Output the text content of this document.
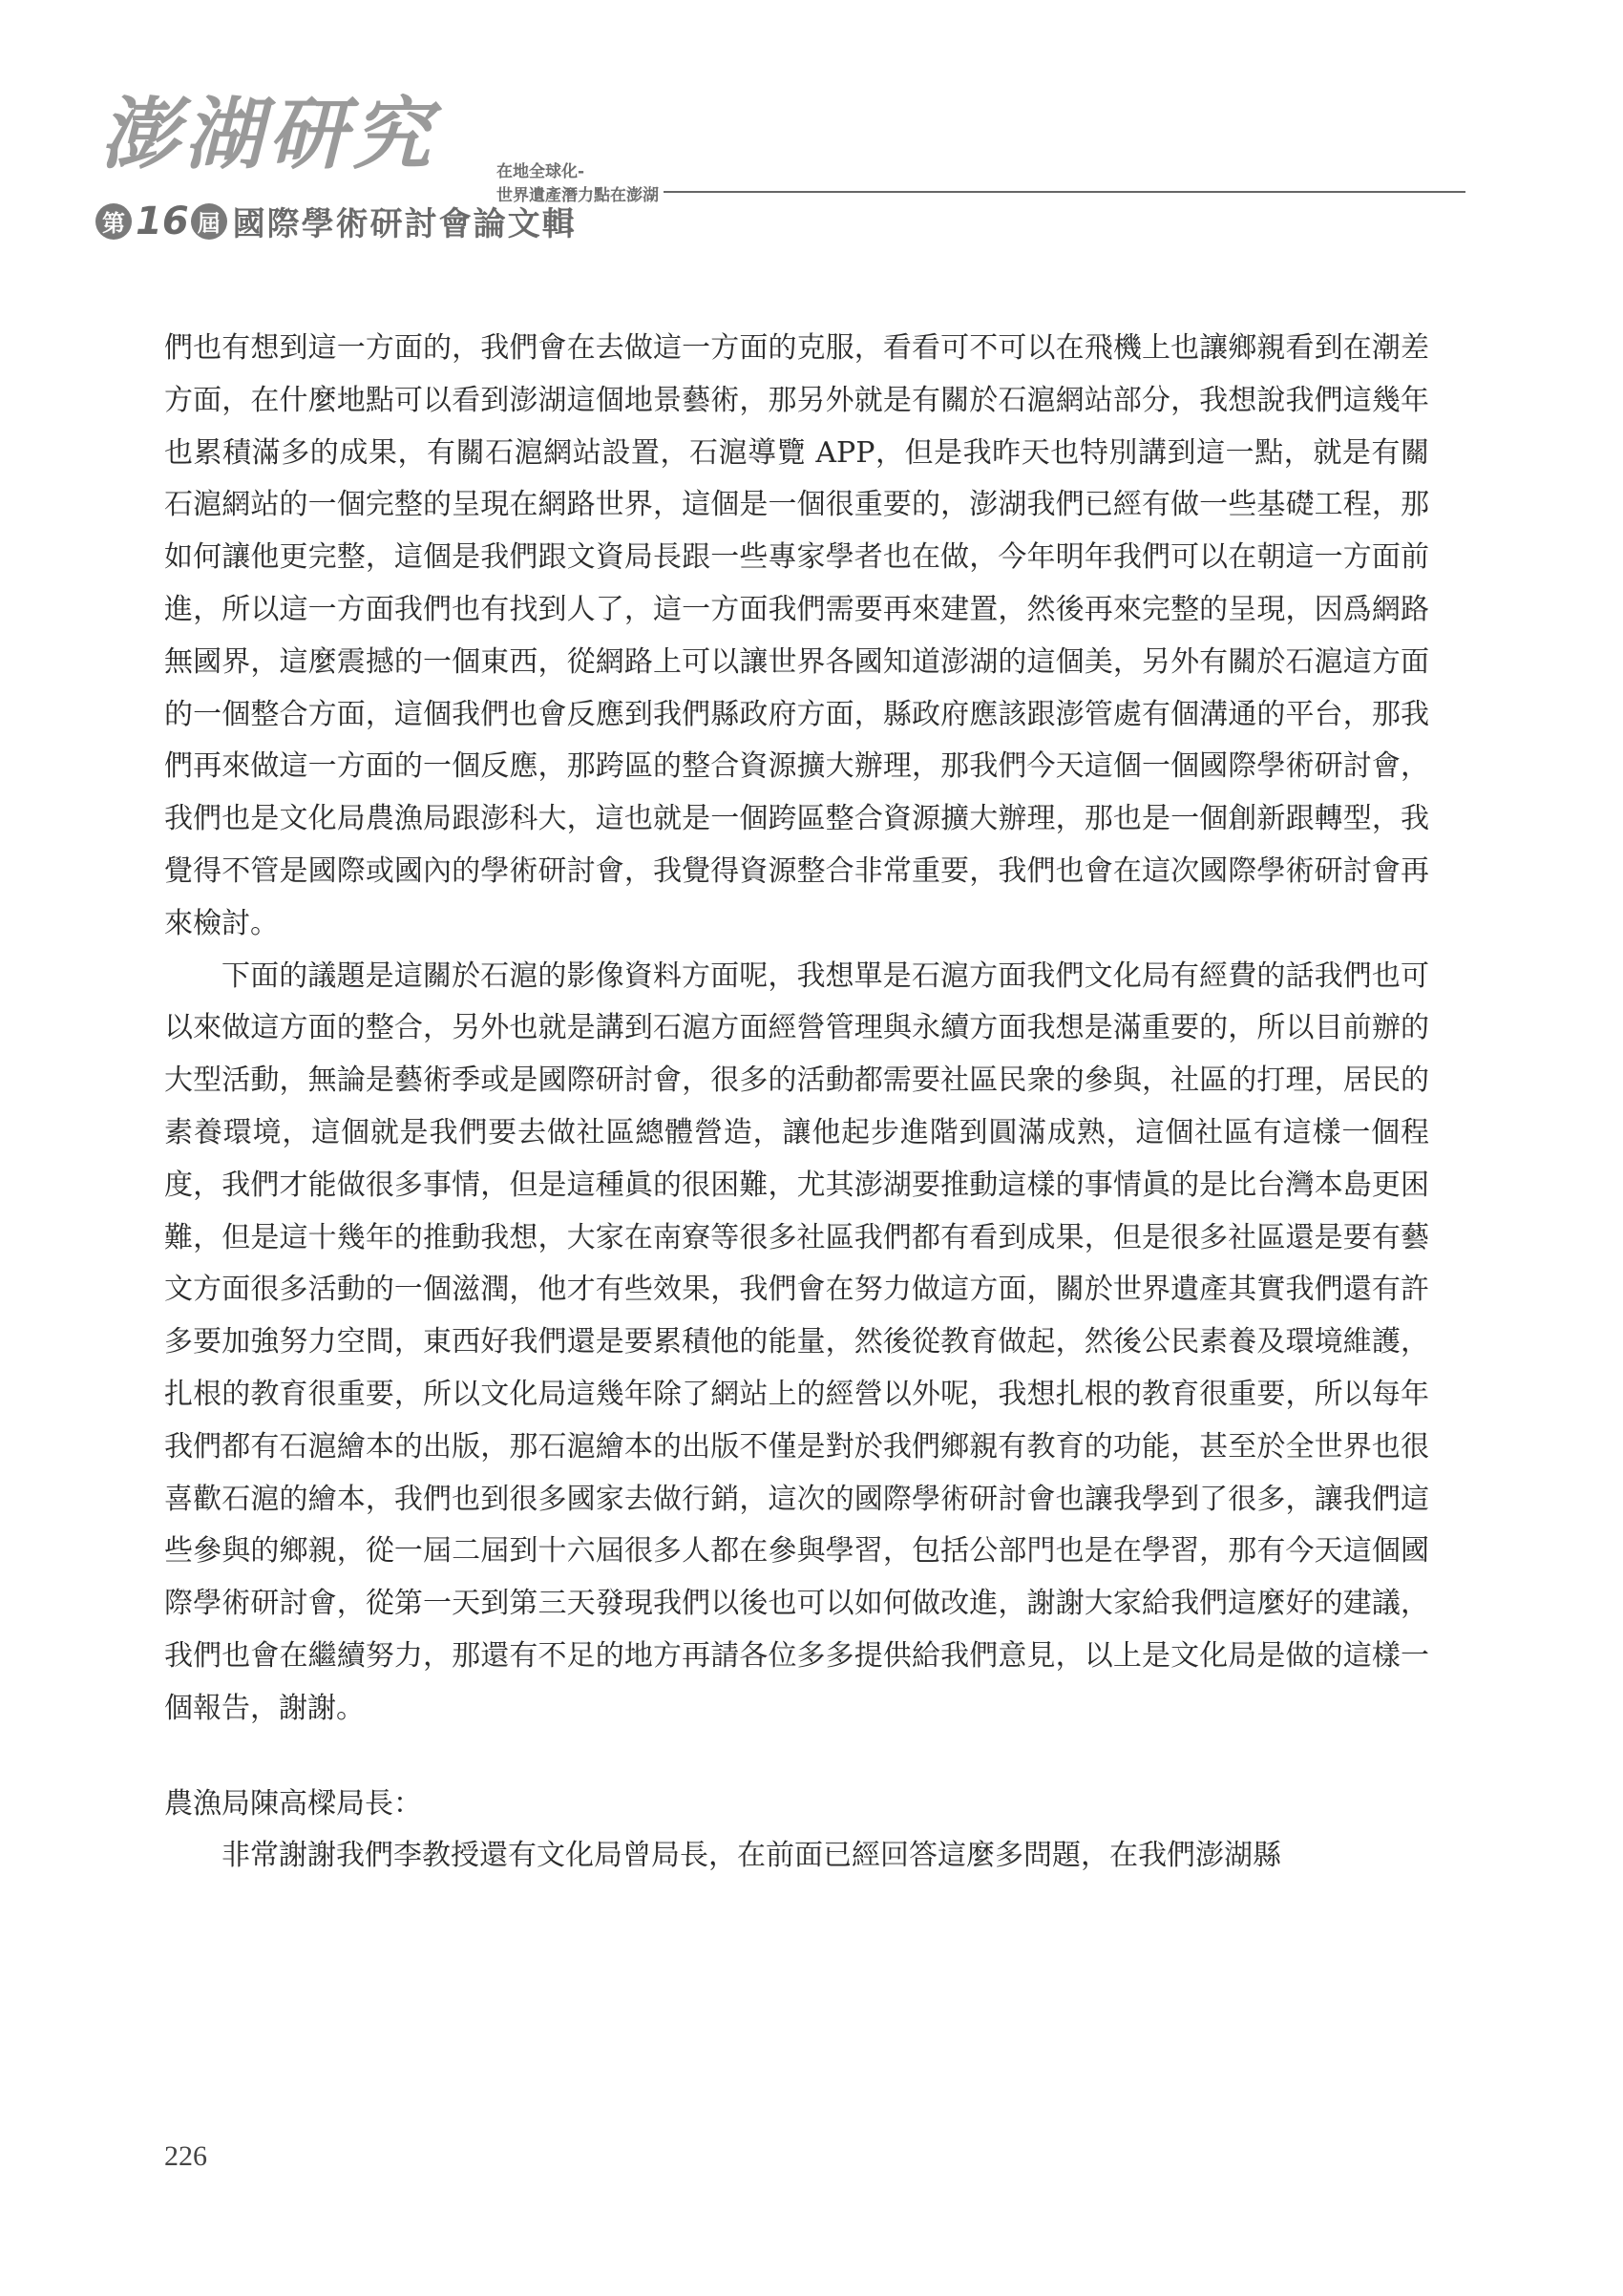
澎湖研究
第 16 屆 國際學術研討會論文輯
在地全球化-
世界遺產潛力點在澎湖

們也有想到這一方面的，我們會在去做這一方面的克服，看看可不可以在飛機上也讓鄉親看到在潮差方面，在什麼地點可以看到澎湖這個地景藝術，那另外就是有關於石滬網站部分，我想說我們這幾年也累積滿多的成果，有關石滬網站設置，石滬導覽 APP，但是我昨天也特別講到這一點，就是有關石滬網站的一個完整的呈現在網路世界，這個是一個很重要的，澎湖我們已經有做一些基礎工程，那如何讓他更完整，這個是我們跟文資局長跟一些專家學者也在做，今年明年我們可以在朝這一方面前進，所以這一方面我們也有找到人了，這一方面我們需要再來建置，然後再來完整的呈現，因爲網路無國界，這麼震撼的一個東西，從網路上可以讓世界各國知道澎湖的這個美，另外有關於石滬這方面的一個整合方面，這個我們也會反應到我們縣政府方面，縣政府應該跟澎管處有個溝通的平台，那我們再來做這一方面的一個反應，那跨區的整合資源擴大辦理，那我們今天這個一個國際學術研討會，我們也是文化局農漁局跟澎科大，這也就是一個跨區整合資源擴大辦理，那也是一個創新跟轉型，我覺得不管是國際或國內的學術研討會，我覺得資源整合非常重要，我們也會在這次國際學術研討會再來檢討。

下面的議題是這關於石滬的影像資料方面呢，我想單是石滬方面我們文化局有經費的話我們也可以來做這方面的整合，另外也就是講到石滬方面經營管理與永續方面我想是滿重要的，所以目前辦的大型活動，無論是藝術季或是國際研討會，很多的活動都需要社區民衆的參與，社區的打理，居民的素養環境，這個就是我們要去做社區總體營造，讓他起步進階到圓滿成熟，這個社區有這樣一個程度，我們才能做很多事情，但是這種眞的很困難，尤其澎湖要推動這樣的事情眞的是比台灣本島更困難，但是這十幾年的推動我想，大家在南寮等很多社區我們都有看到成果，但是很多社區還是要有藝文方面很多活動的一個滋潤，他才有些效果，我們會在努力做這方面，關於世界遺產其實我們還有許多要加強努力空間，東西好我們還是要累積他的能量，然後從教育做起，然後公民素養及環境維護，扎根的教育很重要，所以文化局這幾年除了網站上的經營以外呢，我想扎根的教育很重要，所以每年我們都有石滬繪本的出版，那石滬繪本的出版不僅是對於我們鄉親有教育的功能，甚至於全世界也很喜歡石滬的繪本，我們也到很多國家去做行銷，這次的國際學術研討會也讓我學到了很多，讓我們這些參與的鄉親，從一屆二屆到十六屆很多人都在參與學習，包括公部門也是在學習，那有今天這個國際學術研討會，從第一天到第三天發現我們以後也可以如何做改進，謝謝大家給我們這麼好的建議，我們也會在繼續努力，那還有不足的地方再請各位多多提供給我們意見，以上是文化局是做的這樣一個報告，謝謝。

農漁局陳高樑局長：

非常謝謝我們李教授還有文化局曾局長，在前面已經回答這麼多問題，在我們澎湖縣

226
